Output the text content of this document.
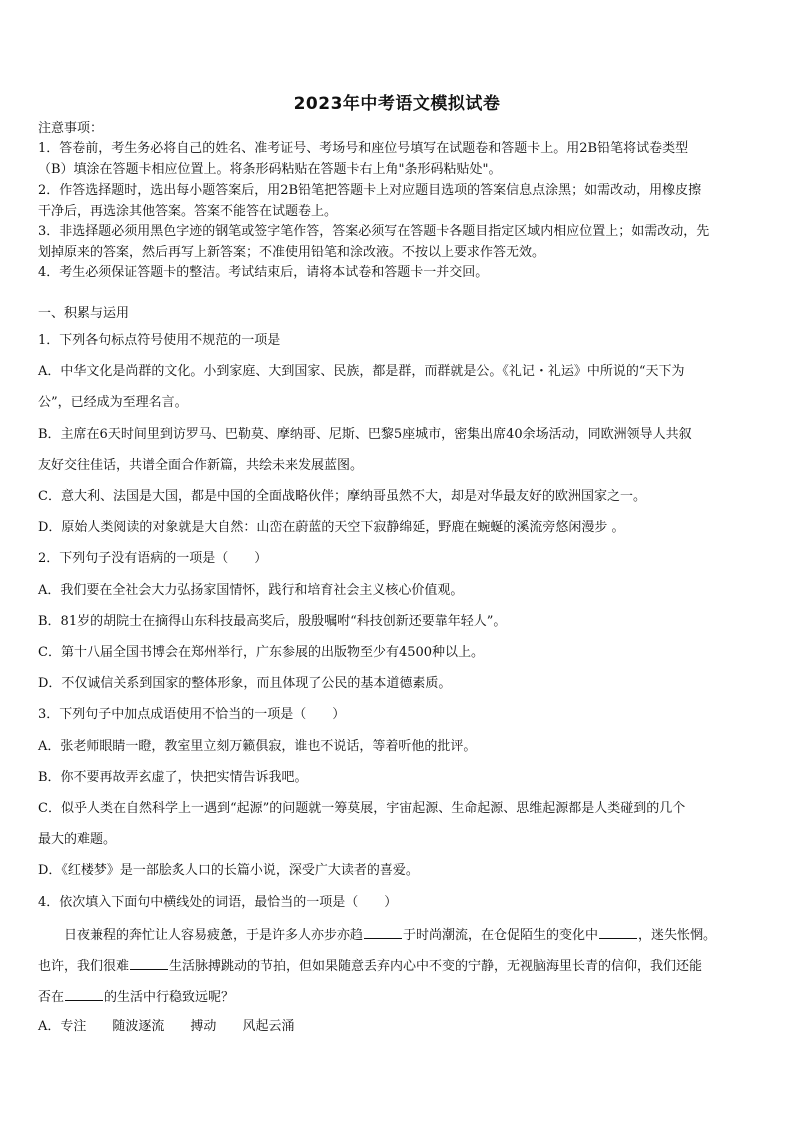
2023年中考语文模拟试卷
注意事项：
1．答卷前，考生务必将自己的姓名、准考证号、考场号和座位号填写在试题卷和答题卡上。用2B铅笔将试卷类型
（B）填涂在答题卡相应位置上。将条形码粘贴在答题卡右上角"条形码粘贴处"。
2．作答选择题时，选出每小题答案后，用2B铅笔把答题卡上对应题目选项的答案信息点涂黑；如需改动，用橡皮擦
干净后，再选涂其他答案。答案不能答在试题卷上。
3．非选择题必须用黑色字迹的钢笔或签字笔作答，答案必须写在答题卡各题目指定区域内相应位置上；如需改动，先
划掉原来的答案，然后再写上新答案；不准使用铅笔和涂改液。不按以上要求作答无效。
4．考生必须保证答题卡的整洁。考试结束后，请将本试卷和答题卡一并交回。
一、积累与运用
1．下列各句标点符号使用不规范的一项是
A．中华文化是尚群的文化。小到家庭、大到国家、民族，都是群，而群就是公。《礼记・礼运》中所说的“天下为
公”，已经成为至理名言。
B．主席在6天时间里到访罗马、巴勒莫、摩纳哥、尼斯、巴黎5座城市，密集出席40余场活动，同欧洲领导人共叙
友好交往佳话，共谱全面合作新篇，共绘未来发展蓝图。
C．意大利、法国是大国，都是中国的全面战略伙伴；摩纳哥虽然不大，却是对华最友好的欧洲国家之一。
D．原始人类阅读的对象就是大自然：山峦在蔚蓝的天空下寂静绵延，野鹿在蜿蜒的溪流旁悠闲漫步 。
2．下列句子没有语病的一项是（　　）
A．我们要在全社会大力弘扬家国情怀，践行和培育社会主义核心价值观。
B．81岁的胡院士在摘得山东科技最高奖后，殷殷嘱咐“科技创新还要靠年轻人”。
C．第十八届全国书博会在郑州举行，广东参展的出版物至少有4500种以上。
D．不仅诚信关系到国家的整体形象，而且体现了公民的基本道德素质。
3．下列句子中加点成语使用不恰当的一项是（　　）
A．张老师眼睛一瞪，教室里立刻万籁俱寂，谁也不说话，等着听他的批评。
B．你不要再故弄玄虚了，快把实情告诉我吧。
C．似乎人类在自然科学上一遇到“起源”的问题就一筹莫展，宇宙起源、生命起源、思维起源都是人类碰到的几个
最大的难题。
D．《红楼梦》是一部脍炙人口的长篇小说，深受广大读者的喜爱。
4．依次填入下面句中横线处的词语，最恰当的一项是（　　）
日夜兼程的奔忙让人容易疲惫，于是许多人亦步亦趋	于时尚潮流，在仓促陌生的变化中	，迷失怅惘。
也许，我们很难	生活脉搏跳动的节拍，但如果随意丢弃内心中不变的宁静，无视脑海里长青的信仰，我们还能
否在	的生活中行稳致远呢？
A．专注 随波逐流 搏动 风起云涌
